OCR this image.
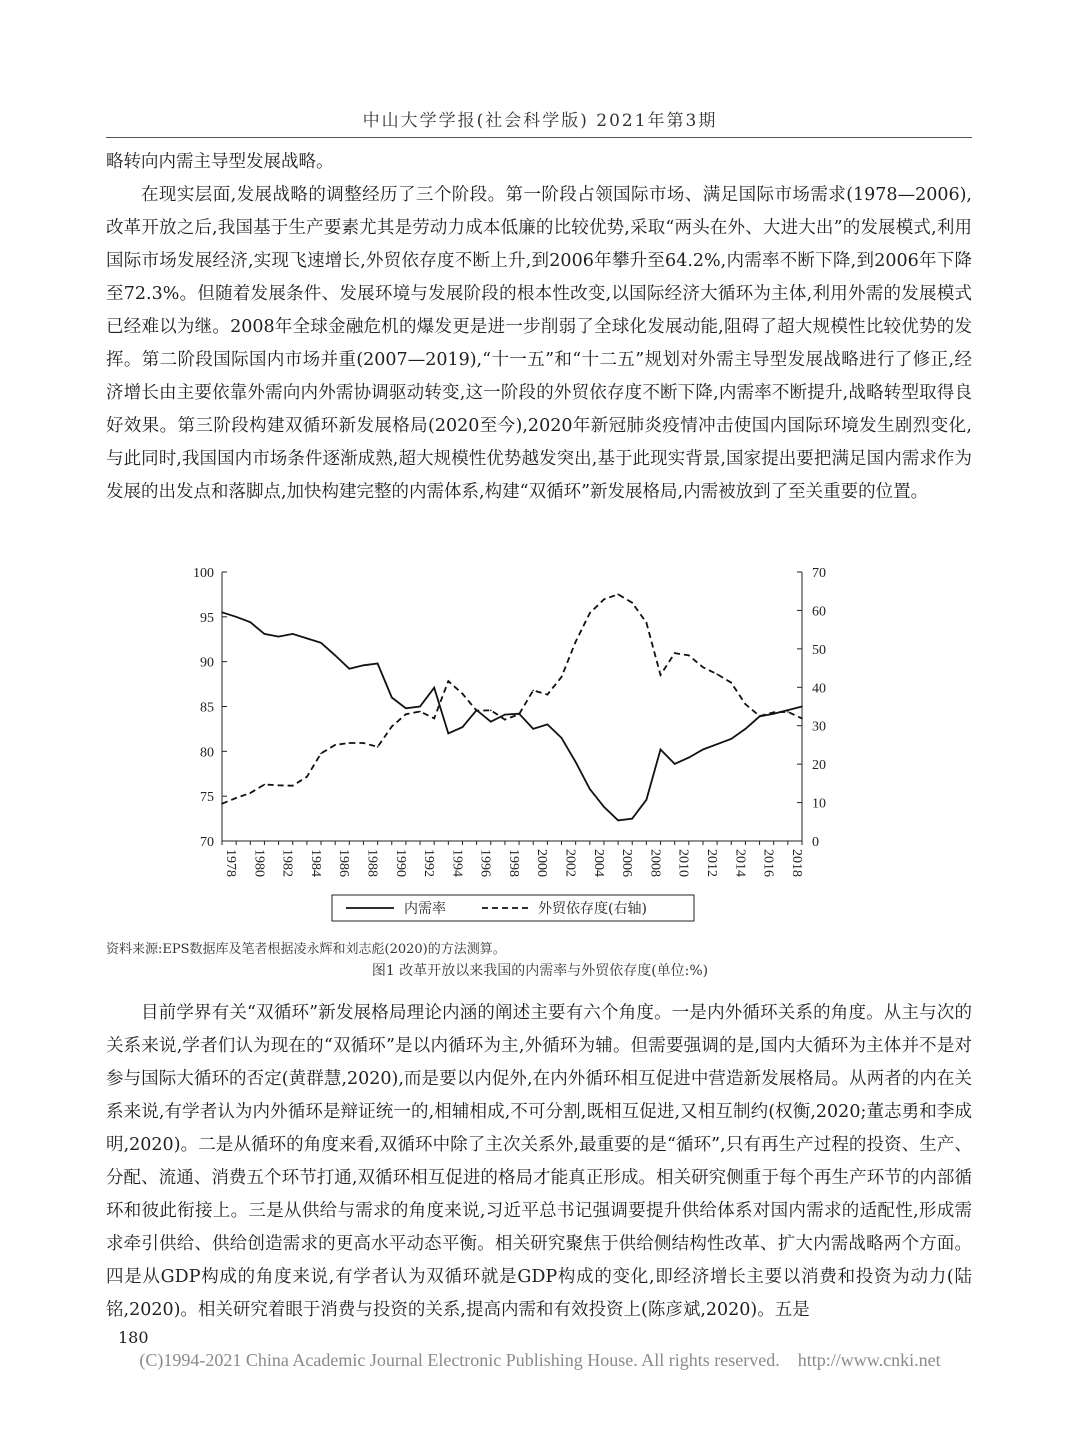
中山大学学报(社会科学版) 2021年第3期

略转向内需主导型发展战略。

在现实层面,发展战略的调整经历了三个阶段。第一阶段占领国际市场、满足国际市场需求(1978—2006),改革开放之后,我国基于生产要素尤其是劳动力成本低廉的比较优势,采取“两头在外、大进大出”的发展模式,利用国际市场发展经济,实现飞速增长,外贸依存度不断上升,到2006年攀升至64.2%,内需率不断下降,到2006年下降至72.3%。但随着发展条件、发展环境与发展阶段的根本性改变,以国际经济大循环为主体,利用外需的发展模式已经难以为继。2008年全球金融危机的爆发更是进一步削弱了全球化发展动能,阻碍了超大规模性比较优势的发挥。第二阶段国际国内市场并重(2007—2019),“十一五”和“十二五”规划对外需主导型发展战略进行了修正,经济增长由主要依靠外需向内外需协调驱动转变,这一阶段的外贸依存度不断下降,内需率不断提升,战略转型取得良好效果。第三阶段构建双循环新发展格局(2020至今),2020年新冠肺炎疫情冲击使国内国际环境发生剧烈变化,与此同时,我国国内市场条件逐渐成熟,超大规模性优势越发突出,基于此现实背景,国家提出要把满足国内需求作为发展的出发点和落脚点,加快构建完整的内需体系,构建“双循环”新发展格局,内需被放到了至关重要的位置。

70
75
80
85
90
95
100
0
10
20
30
40
50
60
70
1978 1980 1982 1984 1986 1988 1990 1992 1994 1996 1998 2000 2002 2004 2006 2008 2010 2012 2014 2016 2018
内需率	外贸依存度(右轴)
资料来源:EPS数据库及笔者根据凌永辉和刘志彪(2020)的方法测算。
图1 改革开放以来我国的内需率与外贸依存度(单位:%)

目前学界有关“双循环”新发展格局理论内涵的阐述主要有六个角度。一是内外循环关系的角度。从主与次的关系来说,学者们认为现在的“双循环”是以内循环为主,外循环为辅。但需要强调的是,国内大循环为主体并不是对参与国际大循环的否定(黄群慧,2020),而是要以内促外,在内外循环相互促进中营造新发展格局。从两者的内在关系来说,有学者认为内外循环是辩证统一的,相辅相成,不可分割,既相互促进,又相互制约(权衡,2020;董志勇和李成明,2020)。二是从循环的角度来看,双循环中除了主次关系外,最重要的是“循环”,只有再生产过程的投资、生产、分配、流通、消费五个环节打通,双循环相互促进的格局才能真正形成。相关研究侧重于每个再生产环节的内部循环和彼此衔接上。三是从供给与需求的角度来说,习近平总书记强调要提升供给体系对国内需求的适配性,形成需求牵引供给、供给创造需求的更高水平动态平衡。相关研究聚焦于供给侧结构性改革、扩大内需战略两个方面。四是从GDP构成的角度来说,有学者认为双循环就是GDP构成的变化,即经济增长主要以消费和投资为动力(陆铭,2020)。相关研究着眼于消费与投资的关系,提高内需和有效投资上(陈彦斌,2020)。五是

180
(C)1994-2021 China Academic Journal Electronic Publishing House. All rights reserved.    http://www.cnki.net
